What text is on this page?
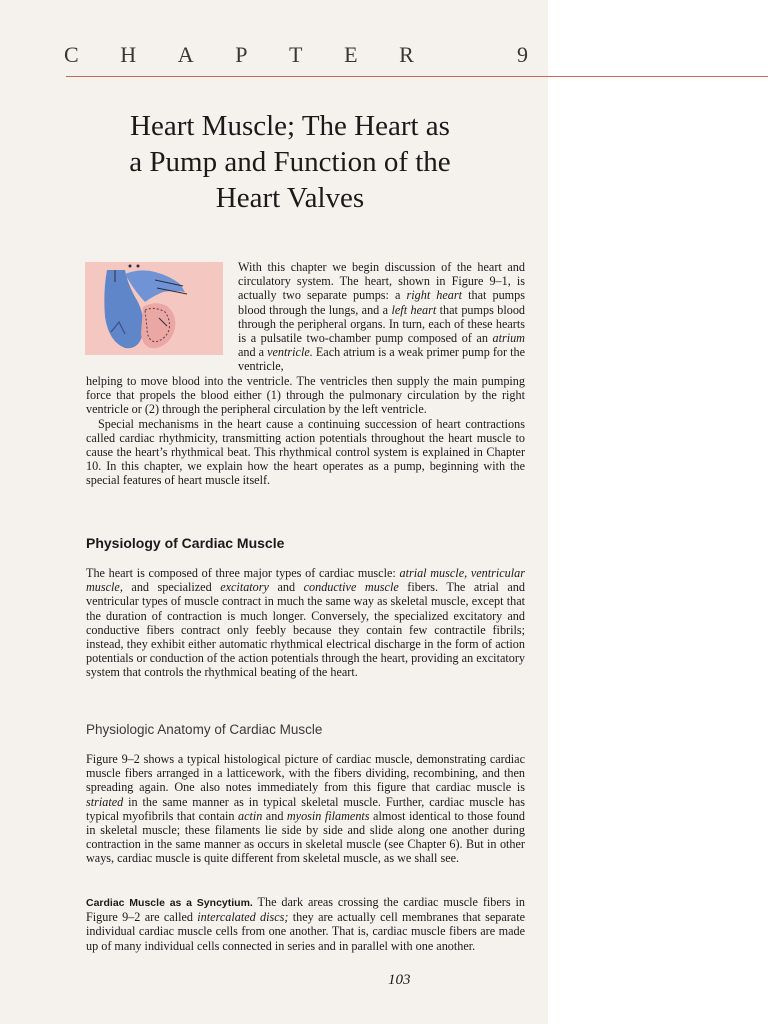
C H A P T E R	9
Heart Muscle; The Heart as
a Pump and Function of the
Heart Valves

With this chapter we begin discussion of the heart and circulatory system. The heart, shown in Figure 9–1, is actually two separate pumps: a right heart that pumps blood through the lungs, and a left heart that pumps blood through the peripheral organs. In turn, each of these hearts is a pulsatile two-chamber pump composed of an atrium and a ventricle. Each atrium is a weak primer pump for the ventricle,

helping to move blood into the ventricle. The ventricles then supply the main pumping force that propels the blood either (1) through the pulmonary circulation by the right ventricle or (2) through the peripheral circulation by the left ventricle.

Special mechanisms in the heart cause a continuing succession of heart contractions called cardiac rhythmicity, transmitting action potentials throughout the heart muscle to cause the heart’s rhythmical beat. This rhythmical control system is explained in Chapter 10. In this chapter, we explain how the heart operates as a pump, beginning with the special features of heart muscle itself.

Physiology of Cardiac Muscle

The heart is composed of three major types of cardiac muscle: atrial muscle, ventricular muscle, and specialized excitatory and conductive muscle fibers. The atrial and ventricular types of muscle contract in much the same way as skeletal muscle, except that the duration of contraction is much longer. Conversely, the specialized excitatory and conductive fibers contract only feebly because they contain few contractile fibrils; instead, they exhibit either automatic rhythmical electrical discharge in the form of action potentials or conduction of the action potentials through the heart, providing an excitatory system that controls the rhythmical beating of the heart.

Physiologic Anatomy of Cardiac Muscle

Figure 9–2 shows a typical histological picture of cardiac muscle, demonstrating cardiac muscle fibers arranged in a latticework, with the fibers dividing, recombining, and then spreading again. One also notes immediately from this figure that cardiac muscle is striated in the same manner as in typical skeletal muscle. Further, cardiac muscle has typical myofibrils that contain actin and myosin filaments almost identical to those found in skeletal muscle; these filaments lie side by side and slide along one another during contraction in the same manner as occurs in skeletal muscle (see Chapter 6). But in other ways, cardiac muscle is quite different from skeletal muscle, as we shall see.

Cardiac Muscle as a Syncytium. The dark areas crossing the cardiac muscle fibers in Figure 9–2 are called intercalated discs; they are actually cell membranes that separate individual cardiac muscle cells from one another. That is, cardiac muscle fibers are made up of many individual cells connected in series and in parallel with one another.

103
